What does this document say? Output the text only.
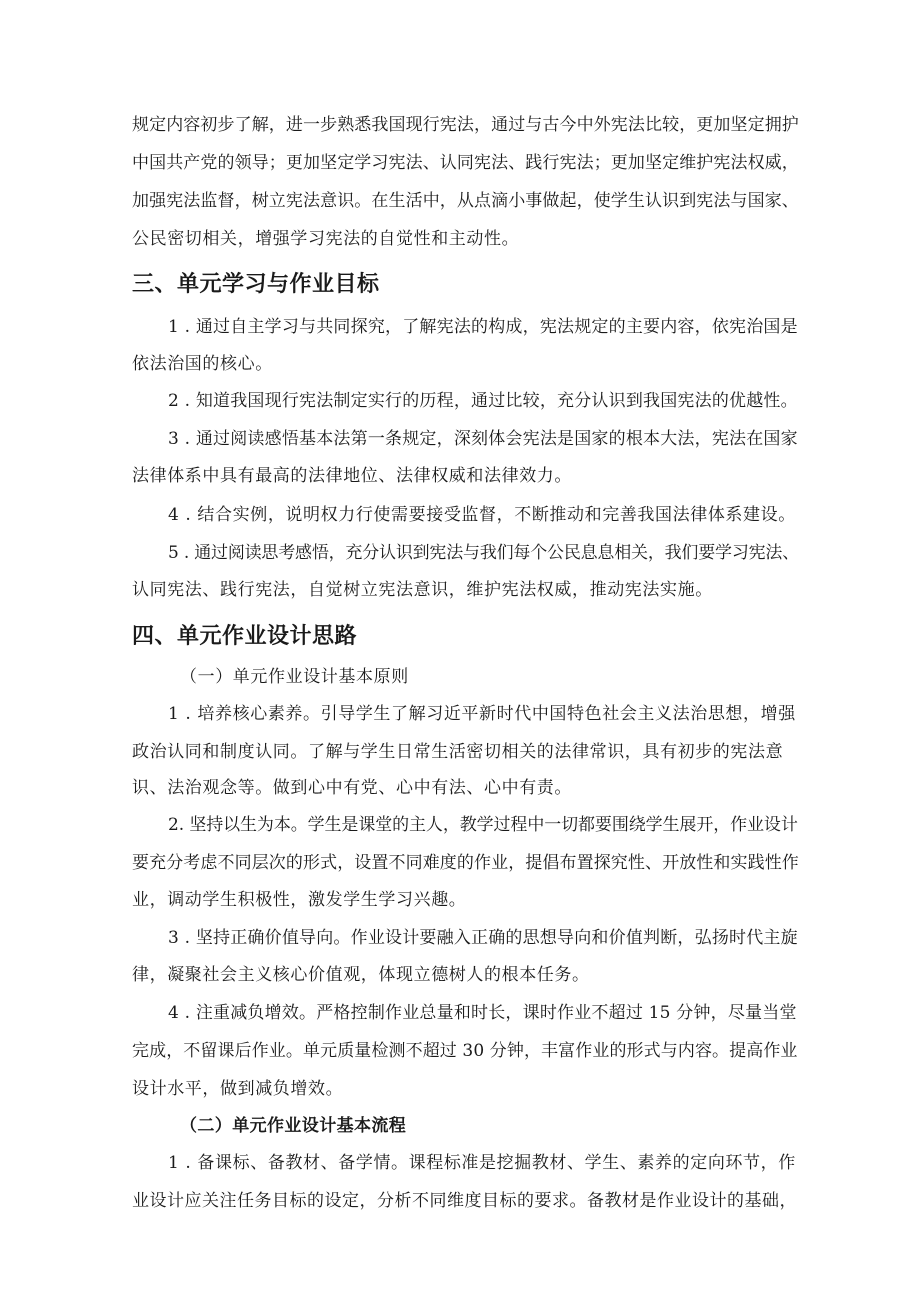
规定内容初步了解，进一步熟悉我国现行宪法，通过与古今中外宪法比较，更加坚定拥护
中国共产党的领导；更加坚定学习宪法、认同宪法、践行宪法；更加坚定维护宪法权威，
加强宪法监督，树立宪法意识。在生活中，从点滴小事做起，使学生认识到宪法与国家、
公民密切相关，增强学习宪法的自觉性和主动性。
三、单元学习与作业目标
1 . 通过自主学习与共同探究，了解宪法的构成，宪法规定的主要内容，依宪治国是
依法治国的核心。
2 . 知道我国现行宪法制定实行的历程，通过比较，充分认识到我国宪法的优越性。
3 . 通过阅读感悟基本法第一条规定，深刻体会宪法是国家的根本大法，宪法在国家
法律体系中具有最高的法律地位、法律权威和法律效力。
4 . 结合实例，说明权力行使需要接受监督，不断推动和完善我国法律体系建设。
5 . 通过阅读思考感悟，充分认识到宪法与我们每个公民息息相关，我们要学习宪法、
认同宪法、践行宪法，自觉树立宪法意识，维护宪法权威，推动宪法实施。
四、单元作业设计思路
（一）单元作业设计基本原则
1 . 培养核心素养。引导学生了解习近平新时代中国特色社会主义法治思想，增强
政治认同和制度认同。了解与学生日常生活密切相关的法律常识，具有初步的宪法意
识、法治观念等。做到心中有党、心中有法、心中有责。
2. 坚持以生为本。学生是课堂的主人，教学过程中一切都要围绕学生展开，作业设计
要充分考虑不同层次的形式，设置不同难度的作业，提倡布置探究性、开放性和实践性作
业，调动学生积极性，激发学生学习兴趣。
3 . 坚持正确价值导向。作业设计要融入正确的思想导向和价值判断，弘扬时代主旋
律，凝聚社会主义核心价值观，体现立德树人的根本任务。
4 . 注重减负增效。严格控制作业总量和时长，课时作业不超过 15 分钟，尽量当堂
完成，不留课后作业。单元质量检测不超过 30 分钟，丰富作业的形式与内容。提高作业
设计水平，做到减负增效。
（二）单元作业设计基本流程
1 . 备课标、备教材、备学情。课程标准是挖掘教材、学生、素养的定向环节，作
业设计应关注任务目标的设定，分析不同维度目标的要求。备教材是作业设计的基础，
